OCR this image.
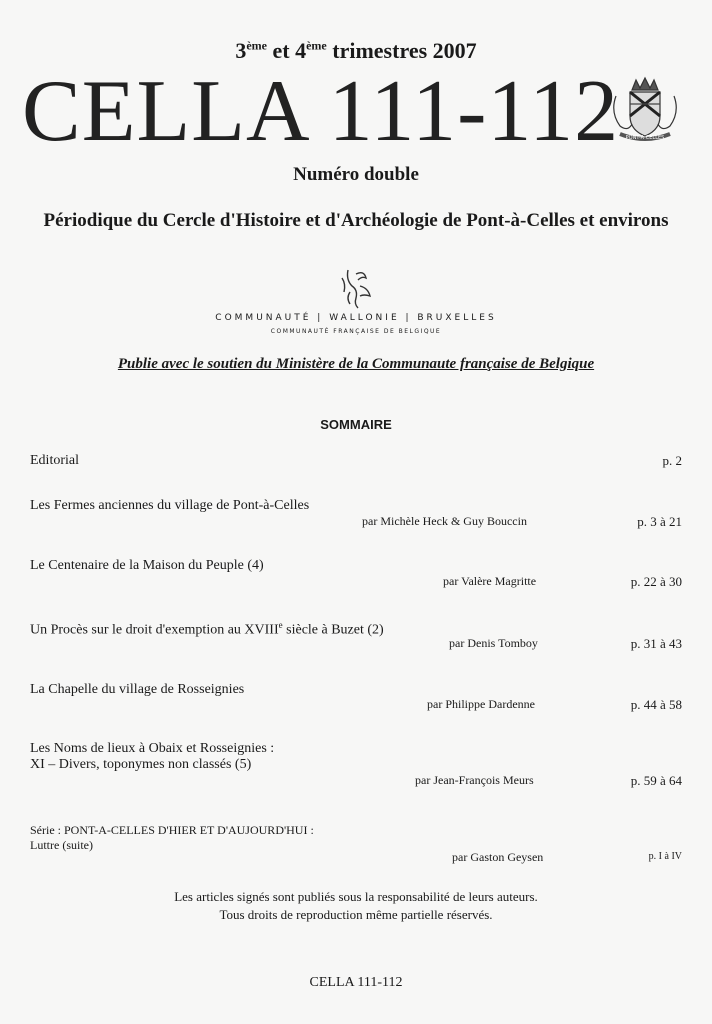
3ème et 4ème trimestres 2007
CELLA 111-112 PONT-A-CELLES
Numéro double
Périodique du Cercle d'Histoire et d'Archéologie de Pont-à-Celles et environs
COMMUNAUTÉ | WALLONIE | BRUXELLES
COMMUNAUTÉ FRANÇAISE DE BELGIQUE
Publie avec le soutien du Ministère de la Communaute française de Belgique
SOMMAIRE
Editorial	p. 2
Les Fermes anciennes du village de Pont-à-Celles
par Michèle Heck & Guy Bouccin	p. 3 à 21
Le Centenaire de la Maison du Peuple (4)
par Valère Magritte	p. 22 à 30
Un Procès sur le droit d'exemption au XVIIIe siècle à Buzet (2)
par Denis Tomboy	p. 31 à 43
La Chapelle du village de Rosseignies
par Philippe Dardenne	p. 44 à 58
Les Noms de lieux à Obaix et Rosseignies :
XI – Divers, toponymes non classés (5)
par Jean-François Meurs	p. 59 à 64
Série : PONT-A-CELLES D'HIER ET D'AUJOURD'HUI :
Luttre (suite)
par Gaston Geysen	p. I à IV
Les articles signés sont publiés sous la responsabilité de leurs auteurs.
Tous droits de reproduction même partielle réservés.
CELLA 111-112
